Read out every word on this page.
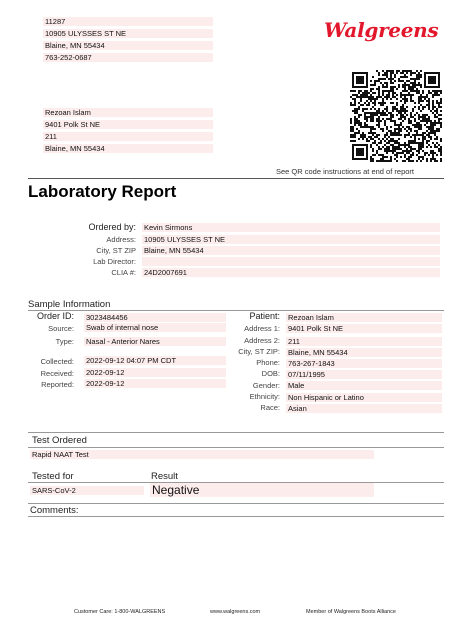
11287
10905 ULYSSES ST NE
Blaine, MN 55434
763-252-0687
Walgreens
Rezoan Islam
9401 Polk St NE
211
Blaine, MN 55434
See QR code instructions at end of report
Laboratory Report
Ordered by: Kevin Sirmons
Address: 10905 ULYSSES ST NE
City, ST ZIP Blaine, MN 55434
Lab Director:
CLIA #: 24D2007691
Sample Information
Order ID: 3023484456
Source: Swab of internal nose
Type: Nasal - Anterior Nares
Collected: 2022-09-12 04:07 PM CDT
Received: 2022-09-12
Reported: 2022-09-12
Patient: Rezoan Islam
Address 1: 9401 Polk St NE
Address 2: 211
City, ST ZIP: Blaine, MN 55434
Phone: 763-267-1843
DOB: 07/11/1995
Gender: Male
Ethnicity: Non Hispanic or Latino
Race: Asian
Test Ordered
Rapid NAAT Test
Tested for	Result
SARS-CoV-2	Negative
Comments:
Customer Care: 1-800-WALGREENS	www.walgreens.com	Member of Walgreens Boots Alliance
